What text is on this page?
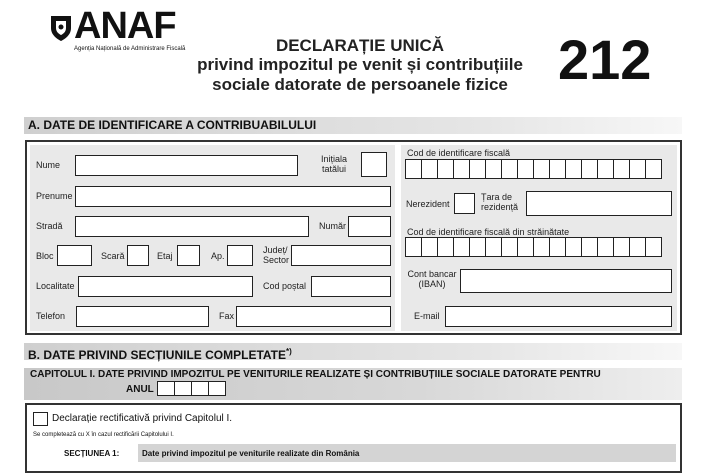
ANAF
Agenția Națională de Administrare Fiscală	DECLARAȚIE UNICĂ
privind impozitul pe venit și contribuțiile
sociale datorate de persoanele fizice 212
A. DATE DE IDENTIFICARE A CONTRIBUABILULUI
Nume
Inițiala tatălui
Prenume
Stradă	Număr
Bloc	Scară	Etaj	Ap.
Județ/ Sector
Localitate	Cod poștal
Telefon	Fax
Cod de identificare fiscală
Nerezident
Țara de rezidență
Cod de identificare fiscală din străinătate
Cont bancar (IBAN)
E-mail
B. DATE PRIVIND SECȚIUNILE COMPLETATE*)
CAPITOLUL I. DATE PRIVIND IMPOZITUL PE VENITURILE REALIZATE ȘI CONTRIBUȚIILE SOCIALE DATORATE PENTRU
ANUL
Declarație rectificativă privind Capitolul I.
Se completează cu X în cazul rectificării Capitolului I.
SECȚIUNEA 1:	Date privind impozitul pe veniturile realizate din România
